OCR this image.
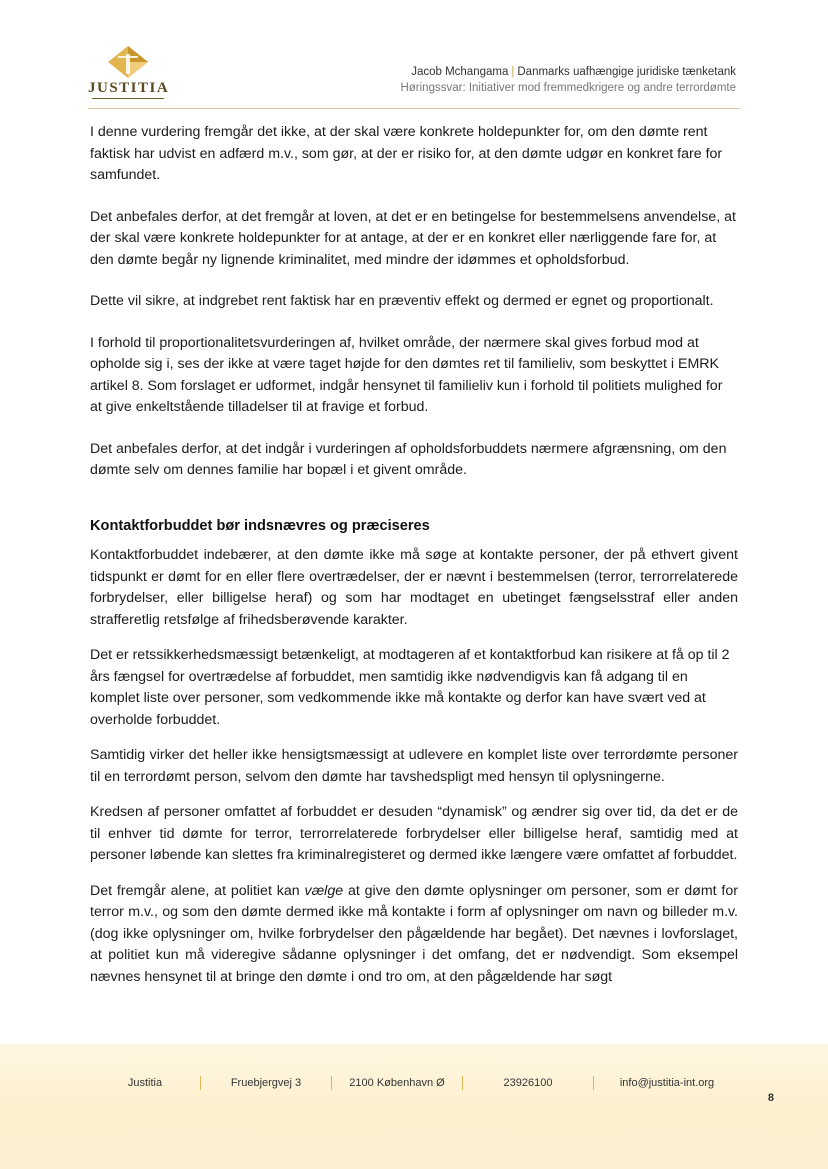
JUSTITIA
Jacob Mchangama | Danmarks uafhængige juridiske tænketank
Høringssvar: Initiativer mod fremmedkrigere og andre terrordømte

I denne vurdering fremgår det ikke, at der skal være konkrete holdepunkter for, om den dømte rent faktisk har udvist en adfærd m.v., som gør, at der er risiko for, at den dømte udgør en konkret fare for samfundet.

Det anbefales derfor, at det fremgår at loven, at det er en betingelse for bestemmelsens anvendelse, at der skal være konkrete holdepunkter for at antage, at der er en konkret eller nærliggende fare for, at den dømte begår ny lignende kriminalitet, med mindre der idømmes et opholdsforbud.

Dette vil sikre, at indgrebet rent faktisk har en præventiv effekt og dermed er egnet og proportionalt.

I forhold til proportionalitetsvurderingen af, hvilket område, der nærmere skal gives forbud mod at opholde sig i, ses der ikke at være taget højde for den dømtes ret til familieliv, som beskyttet i EMRK artikel 8. Som forslaget er udformet, indgår hensynet til familieliv kun i forhold til politiets mulighed for at give enkeltstående tilladelser til at fravige et forbud.

Det anbefales derfor, at det indgår i vurderingen af opholdsforbuddets nærmere afgrænsning, om den dømte selv om dennes familie har bopæl i et givent område.

Kontaktforbuddet bør indsnævres og præciseres

Kontaktforbuddet indebærer, at den dømte ikke må søge at kontakte personer, der på ethvert givent tidspunkt er dømt for en eller flere overtrædelser, der er nævnt i bestemmelsen (terror, terrorrelaterede forbrydelser, eller billigelse heraf) og som har modtaget en ubetinget fængselsstraf eller anden strafferetlig retsfølge af frihedsberøvende karakter.

Det er retssikkerhedsmæssigt betænkeligt, at modtageren af et kontaktforbud kan risikere at få op til 2 års fængsel for overtrædelse af forbuddet, men samtidig ikke nødvendigvis kan få adgang til en komplet liste over personer, som vedkommende ikke må kontakte og derfor kan have svært ved at overholde forbuddet.

Samtidig virker det heller ikke hensigtsmæssigt at udlevere en komplet liste over terrordømte personer til en terrordømt person, selvom den dømte har tavshedspligt med hensyn til oplysningerne.

Kredsen af personer omfattet af forbuddet er desuden “dynamisk” og ændrer sig over tid, da det er de til enhver tid dømte for terror, terrorrelaterede forbrydelser eller billigelse heraf, samtidig med at personer løbende kan slettes fra kriminalregisteret og dermed ikke længere være omfattet af forbuddet.

Det fremgår alene, at politiet kan vælge at give den dømte oplysninger om personer, som er dømt for terror m.v., og som den dømte dermed ikke må kontakte i form af oplysninger om navn og billeder m.v. (dog ikke oplysninger om, hvilke forbrydelser den pågældende har begået). Det nævnes i lovforslaget, at politiet kun må videregive sådanne oplysninger i det omfang, det er nødvendigt. Som eksempel nævnes hensynet til at bringe den dømte i ond tro om, at den pågældende har søgt

Justitia	Fruebjergvej 3	2100 København Ø	23926100	info@justitia-int.org
8
